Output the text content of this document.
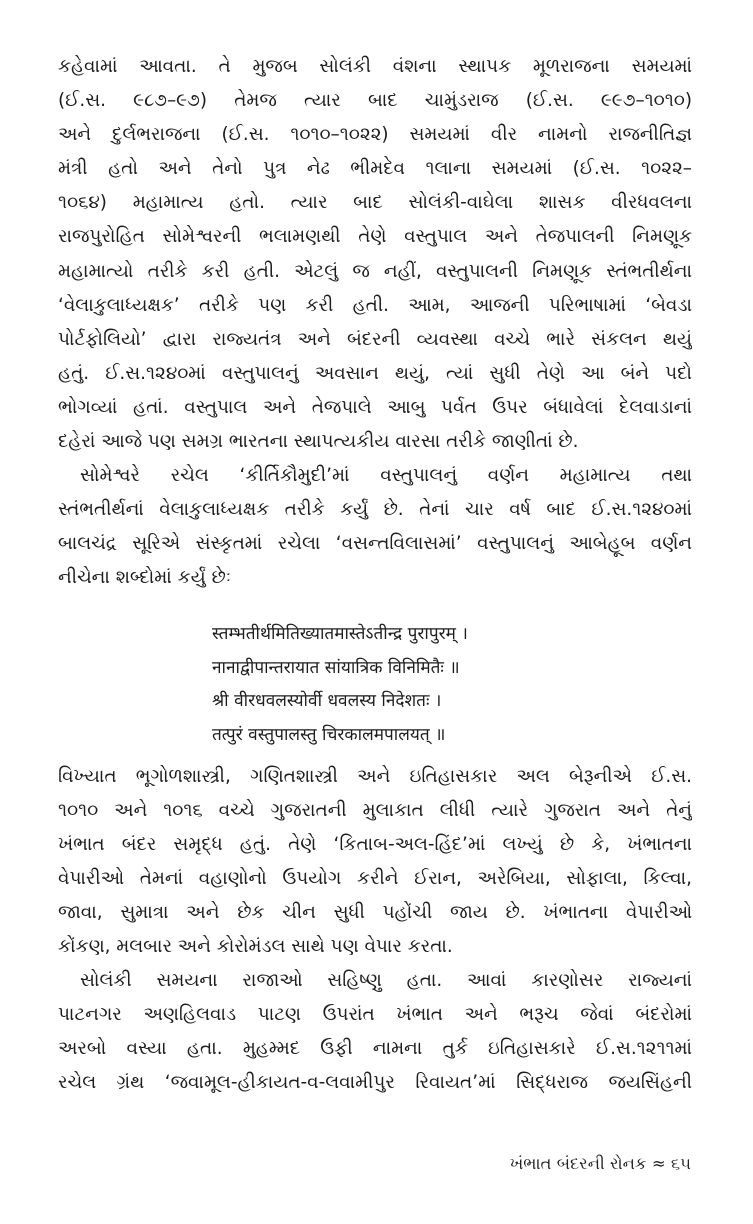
કહેવામાં આવતા. તે મુજબ સોલંકી વંશના સ્થાપક મૂળરાજના સમયમાં
(ઈ.સ. ૯૮૭–૯૭) તેમજ ત્યાર બાદ ચામુંડરાજ (ઈ.સ. ૯૯૭–૧૦૧૦)
અને દુર્લભરાજના (ઈ.સ. ૧૦૧૦–૧૦૨૨) સમયમાં વીર નામનો રાજનીતિજ્ઞ
મંત્રી હતો અને તેનો પુત્ર નેઢ ભીમદેવ ૧લાના સમયમાં (ઈ.સ. ૧૦૨૨–
૧૦૬૪) મહામાત્ય હતો. ત્યાર બાદ સોલંકી-વાઘેલા શાસક વીરધવલના
રાજપુરોહિત સોમેશ્વરની ભલામણથી તેણે વસ્તુપાલ અને તેજપાલની નિમણૂક
મહામાત્યો તરીકે કરી હતી. એટલું જ નહીં, વસ્તુપાલની નિમણૂક સ્તંભતીર્થના
‘વેલાકુલાધ્યક્ષક’ તરીકે પણ કરી હતી. આમ, આજની પરિભાષામાં ‘બેવડા
પોર્ટફોલિયો’ દ્વારા રાજ્યતંત્ર અને બંદરની વ્યવસ્થા વચ્ચે ભારે સંકલન થયું
હતું. ઈ.સ.૧૨૪૦માં વસ્તુપાલનું અવસાન થયું, ત્યાં સુધી તેણે આ બંને પદો
ભોગવ્યાં હતાં. વસ્તુપાલ અને તેજપાલે આબુ પર્વત ઉપર બંધાવેલાં દેલવાડાનાં
દહેરાં આજે પણ સમગ્ર ભારતના સ્થાપત્યકીય વારસા તરીકે જાણીતાં છે.
સોમેશ્વરે રચેલ ‘કીર્તિકૌમુદી’માં વસ્તુપાલનું વર્ણન મહામાત્ય તથા
સ્તંભતીર્થનાં વેલાકુલાધ્યક્ષક તરીકે કર્યું છે. તેનાં ચાર વર્ષ બાદ ઈ.સ.૧૨૪૦માં
બાલચંદ્ર સૂરિએ સંસ્કૃતમાં રચેલા ‘વસન્તવિલાસમાં’ વસ્તુપાલનું આબેહૂબ વર્ણન
નીચેના શબ્દોમાં કર્યું છેઃ
स्तम्भतीर्थमितिख्यातमास्तेऽतीन्द्र पुरापुरम् ।
नानाद्वीपान्तरायात सांयात्रिक विनिमितैः ॥
श्री वीरधवलस्योर्वी धवलस्य निदेशतः ।
तत्पुरं वस्तुपालस्तु चिरकालमपालयत् ॥
વિખ્યાત ભૂગોળશાસ્ત્રી, ગણિતશાસ્ત્રી અને ઇતિહાસકાર અલ બેરૂનીએ ઈ.સ.
૧૦૧૦ અને ૧૦૧૬ વચ્ચે ગુજરાતની મુલાકાત લીધી ત્યારે ગુજરાત અને તેનું
ખંભાત બંદર સમૃદ્ધ હતું. તેણે ‘કિતાબ-અલ-હિંદ’માં લખ્યું છે કે, ખંભાતના
વેપારીઓ તેમનાં વહાણોનો ઉપયોગ કરીને ઈરાન, અરેબિયા, સોફાલા, કિલ્વા,
જાવા, સુમાત્રા અને છેક ચીન સુધી પહોંચી જાય છે. ખંભાતના વેપારીઓ
કોંકણ, મલબાર અને કોરોમંડલ સાથે પણ વેપાર કરતા.
સોલંકી સમયના રાજાઓ સહિષ્ણુ હતા. આવાં કારણોસર રાજ્યનાં
પાટનગર અણહિલવાડ પાટણ ઉપરાંત ખંભાત અને ભરૂચ જેવાં બંદરોમાં
અરબો વસ્યા હતા. મુહમ્મદ ઉફી નામના તુર્ક ઇતિહાસકારે ઈ.સ.૧૨૧૧માં
રચેલ ગ્રંથ ‘જવામૂલ-હીકાયત-વ-લવામીપુર રિવાયત’માં સિદ્ધરાજ જયસિંહની
ખંભાત બંદરની રોનક ≈ ૬૫
